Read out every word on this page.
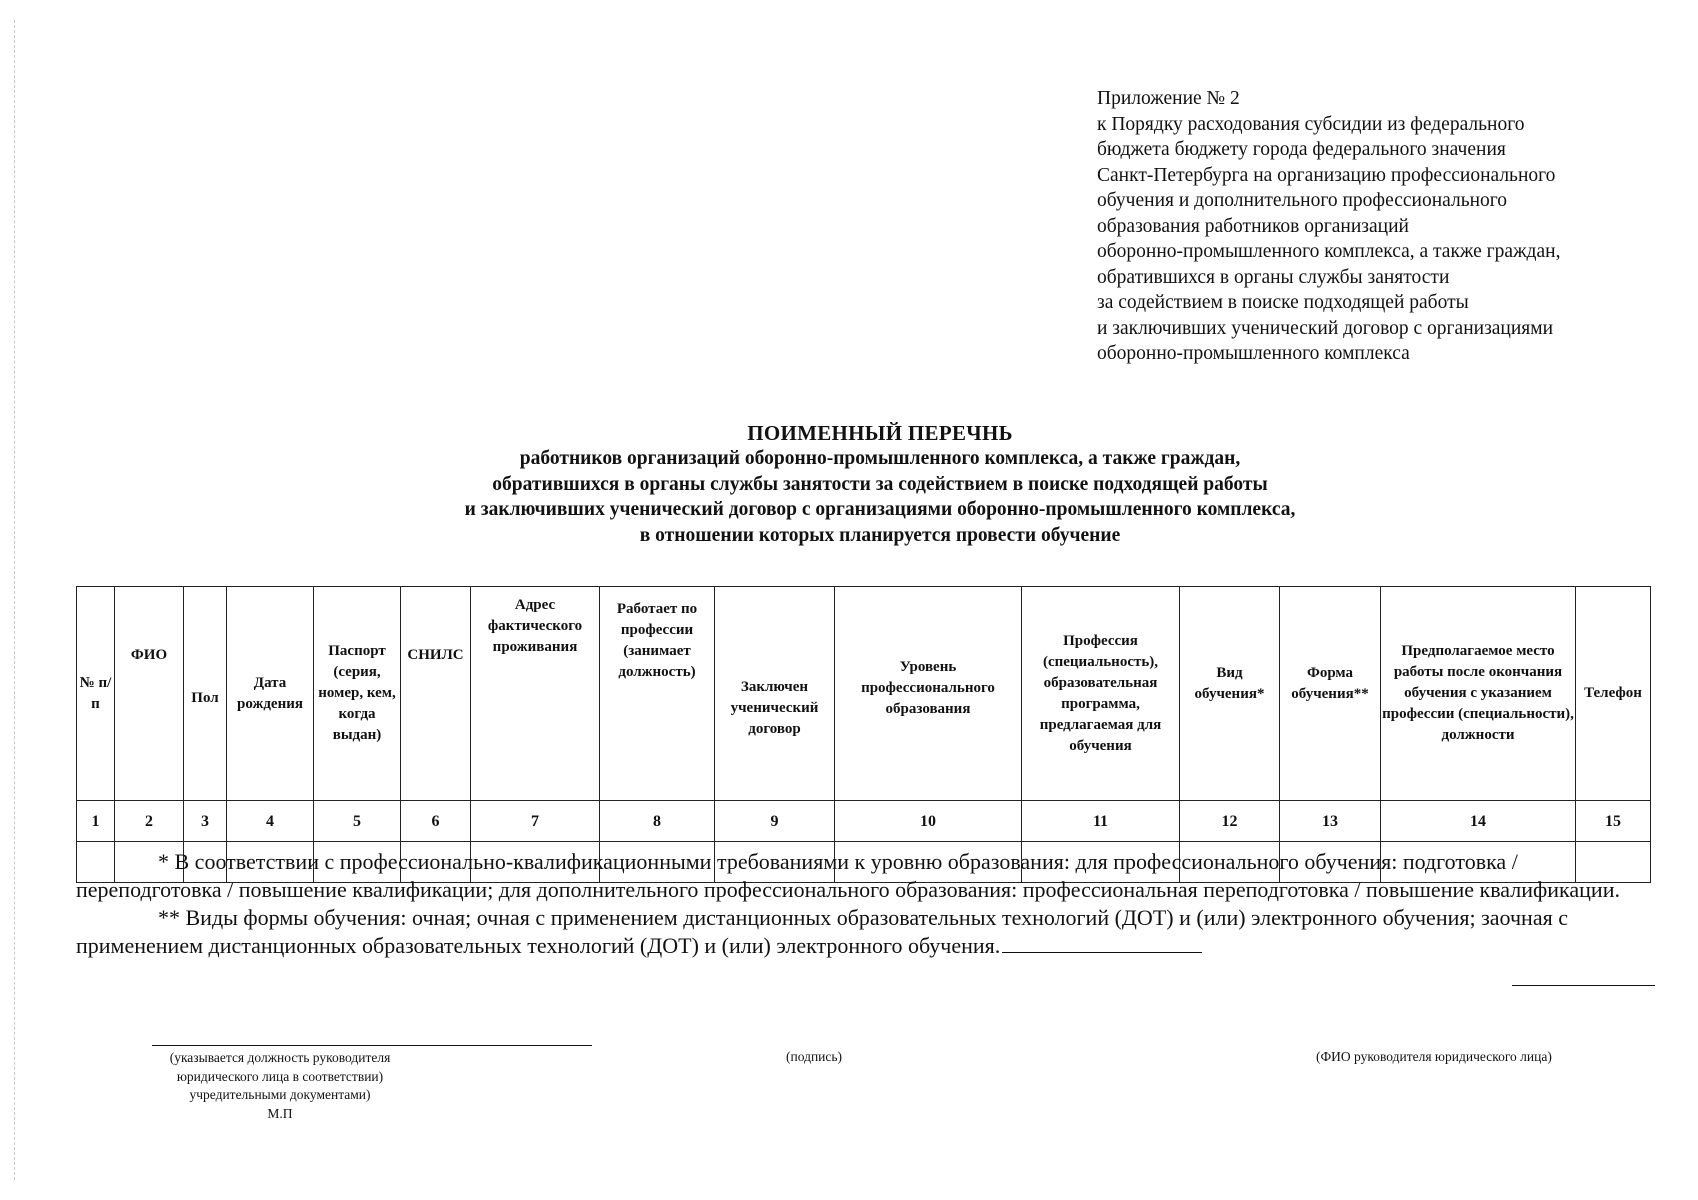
Приложение № 2
к Порядку расходования субсидии из федерального
бюджета бюджету города федерального значения
Санкт-Петербурга на организацию профессионального
обучения и дополнительного профессионального
образования работников организаций
оборонно-промышленного комплекса, а также граждан,
обратившихся в органы службы занятости
за содействием в поиске подходящей работы
и заключивших ученический договор с организациями
оборонно-промышленного комплекса
ПОИМЕННЫЙ ПЕРЕЧНЬ
работников организаций оборонно-промышленного комплекса, а также граждан,
обратившихся в органы службы занятости за содействием в поиске подходящей работы
и заключивших ученический договор с организациями оборонно-промышленного комплекса,
в отношении которых планируется провести обучение
№ п/п	ФИО	Пол	Дата рождения	Паспорт (серия, номер, кем, когда выдан)	СНИЛС	Адрес фактического проживания	Работает по профессии (занимает должность)	Заключен ученический договор	Уровень профессионального образования	Профессия (специальность), образовательная программа, предлагаемая для обучения	Вид обучения*	Форма обучения**	Предполагаемое место работы после окончания обучения с указанием профессии (специальности), должности	Телефон
1	2	3	4	5	6	7	8	9	10	11	12	13	14	15

* В соответствии с профессионально-квалификационными требованиями к уровню образования: для профессионального обучения: подготовка / переподготовка / повышение квалификации; для дополнительного профессионального образования: профессиональная переподготовка / повышение квалификации.

** Виды формы обучения: очная; очная с применением дистанционных образовательных технологий (ДОТ) и (или) электронного обучения; заочная с применением дистанционных образовательных технологий (ДОТ) и (или) электронного обучения.

(указывается должность руководителя
юридического лица в соответствии)
учредительными документами)
М.П
(подпись)	(ФИО руководителя юридического лица)
